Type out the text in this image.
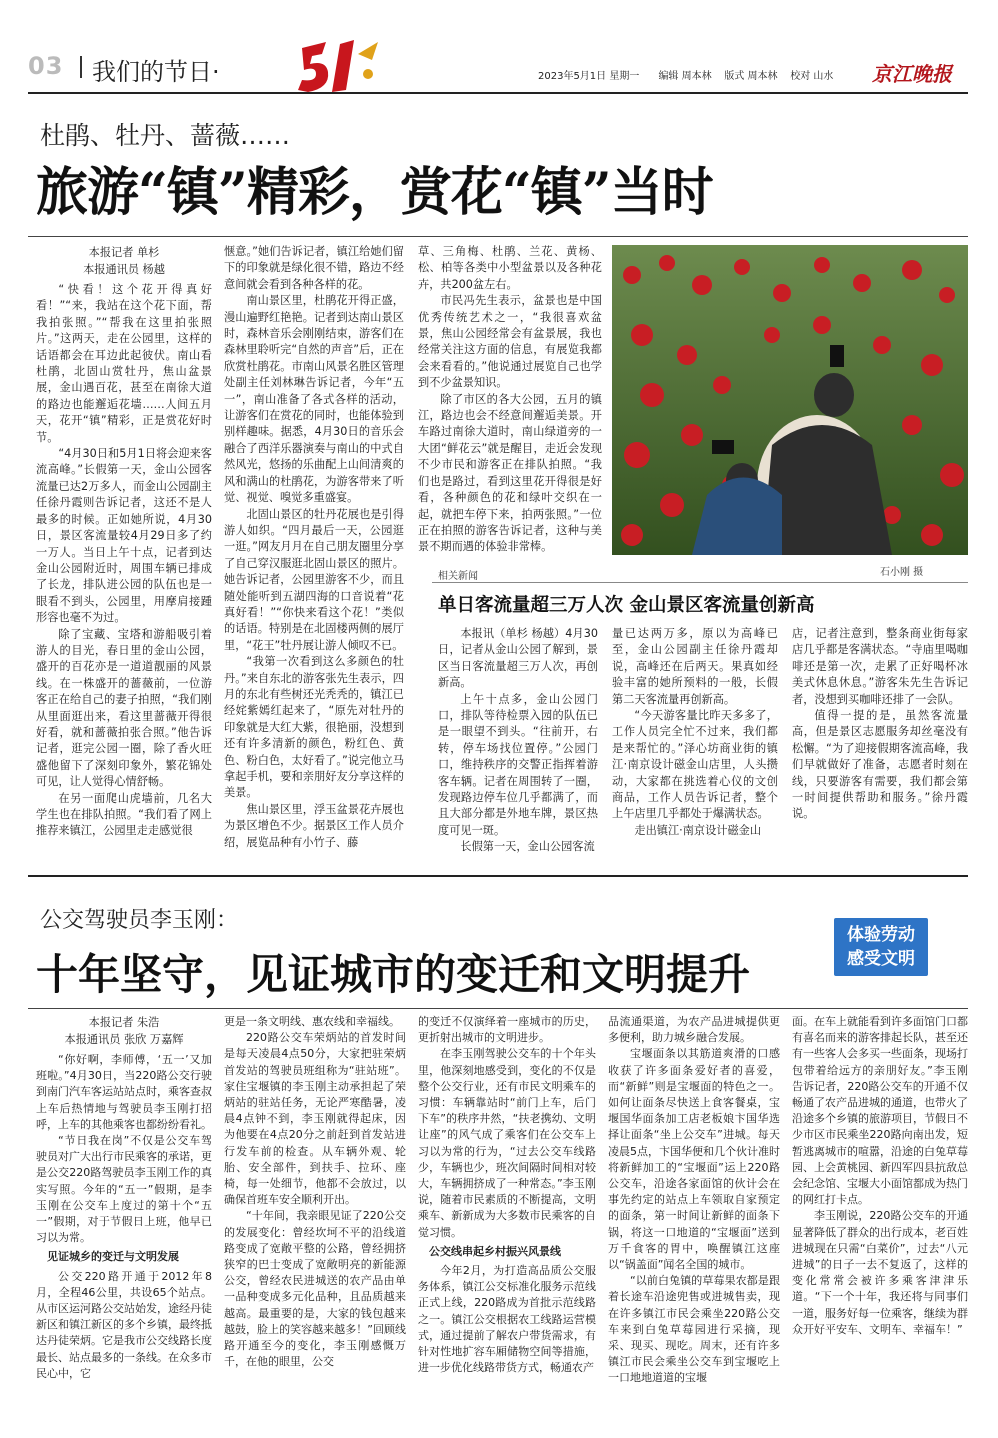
03 我们的节日·	2023年5月1日 星期一 编辑 周本林 版式 周本林 校对 山水 京江晚报
杜鹃、牡丹、蔷薇……
旅游“镇”精彩，赏花“镇”当时
本报记者 单杉
本报通讯员 杨越

“快看！这个花开得真好看！”“来，我站在这个花下面，帮我拍张照。”“帮我在这里拍张照片。”这两天，走在公园里，这样的话语都会在耳边此起彼伏。南山看杜鹃，北固山赏牡丹，焦山盆景展，金山遇百花，甚至在南徐大道的路边也能邂逅花墙……人间五月天，花开“镇”精彩，正是赏花好时节。

“4月30日和5月1日将会迎来客流高峰。”长假第一天，金山公园客流量已达2万多人，而金山公园副主任徐丹霞则告诉记者，这还不是人最多的时候。正如她所说，4月30日，景区客流量较4月29日多了约一万人。当日上午十点，记者到达金山公园附近时，周围车辆已排成了长龙，排队进公园的队伍也是一眼看不到头，公园里，用摩肩接踵形容也毫不为过。

除了宝藏、宝塔和游船吸引着游人的目光，春日里的金山公园，盛开的百花亦是一道道靓丽的风景线。在一株盛开的蔷薇前，一位游客正在给自己的妻子拍照，“我们刚从里面逛出来，看这里蔷薇开得很好看，就和蔷薇拍张合照。”他告诉记者，逛完公园一圈，除了香火旺盛他留下了深刻印象外，繁花锦处可见，让人觉得心情舒畅。

在另一面爬山虎墙前，几名大学生也在排队拍照。“我们看了网上推荐来镇江，公园里走走感觉很

惬意。”她们告诉记者，镇江给她们留下的印象就是绿化很不错，路边不经意间就会看到各种各样的花。

南山景区里，杜鹃花开得正盛，漫山遍野红艳艳。记者到达南山景区时，森林音乐会刚刚结束，游客们在森林里聆听完“自然的声音”后，正在欣赏杜鹃花。市南山风景名胜区管理处副主任刘林琳告诉记者，今年“五一”，南山准备了各式各样的活动，让游客们在赏花的同时，也能体验到别样趣味。据悉，4月30日的音乐会融合了西洋乐器演奏与南山的中式自然风光，悠扬的乐曲配上山间清爽的风和满山的杜鹃花，为游客带来了听觉、视觉、嗅觉多重盛宴。

北固山景区的牡丹花展也是引得游人如织。“四月最后一天，公园逛一逛。”网友月月在自己朋友圈里分享了自己穿汉服逛北固山景区的照片。她告诉记者，公园里游客不少，而且随处能听到五湖四海的口音说着“花真好看！”“你快来看这个花！”类似的话语。特别是在北固楼两侧的展厅里，“花王”牡丹展让游人倾叹不已。

“我第一次看到这么多颜色的牡丹。”来自东北的游客张先生表示，四月的东北有些树还光秃秃的，镇江已经姹紫嫣红起来了，“原先对牡丹的印象就是大红大紫，很艳丽，没想到还有许多清新的颜色，粉红色、黄色、粉白色，太好看了。”说完他立马拿起手机，要和亲朋好友分享这样的美景。

焦山景区里，浮玉盆景花卉展也为景区增色不少。据景区工作人员介绍，展览品种有小竹子、藤

草、三角梅、杜鹃、兰花、黄杨、松、柏等各类中小型盆景以及各种花卉，共200盆左右。

市民冯先生表示，盆景也是中国优秀传统艺术之一，“我很喜欢盆景，焦山公园经常会有盆景展，我也经常关注这方面的信息，有展览我都会来看看的。”他说通过展览自己也学到不少盆景知识。

除了市区的各大公园，五月的镇江，路边也会不经意间邂逅美景。开车路过南徐大道时，南山绿道旁的一大团“鲜花云”就是醒目，走近会发现不少市民和游客正在排队拍照。“我们也是路过，看到这里花开得很是好看，各种颜色的花和绿叶交织在一起，就把车停下来，拍两张照。”一位正在拍照的游客告诉记者，这种与美景不期而遇的体验非常棒。

石小刚 摄
相关新闻
单日客流量超三万人次 金山景区客流量创新高

本报讯（单杉 杨越）4月30日，记者从金山公园了解到，景区当日客流量超三万人次，再创新高。

上午十点多，金山公园门口，排队等待检票入园的队伍已是一眼望不到头。“往前开，右转，停车场找位置停。”公园门口，维持秩序的交警正指挥着游客车辆。记者在周围转了一圈，发现路边停车位几乎都满了，而且大部分都是外地车牌，景区热度可见一斑。

长假第一天，金山公园客流

量已达两万多，原以为高峰已至，金山公园副主任徐丹霞却说，高峰还在后两天。果真如经验丰富的她所预料的一般，长假第二天客流量再创新高。

“今天游客量比昨天多多了，工作人员完全忙不过来，我们都是来帮忙的。”泽心坊商业街的镇江·南京设计磁金山店里，人头攒动，大家都在挑选着心仪的文创商品，工作人员告诉记者，整个上午店里几乎都处于爆满状态。

走出镇江·南京设计磁金山

店，记者注意到，整条商业街每家店几乎都是客满状态。“寺庙里喝咖啡还是第一次，走累了正好喝杯冰美式休息休息。”游客朱先生告诉记者，没想到买咖啡还排了一会队。

值得一提的是，虽然客流量高，但是景区志愿服务却丝毫没有松懈。“为了迎接假期客流高峰，我们早就做好了准备，志愿者时刻在线，只要游客有需要，我们都会第一时间提供帮助和服务。”徐丹霞说。

公交驾驶员李玉刚：
十年坚守，见证城市的变迁和文明提升
体验劳动
感受文明
本报记者 朱浩
本报通讯员 张欣 万嘉辉

“你好啊，李师傅，‘五一’又加班啦。”4月30日，当220路公交行驶到南门汽车客运站站点时，乘客查叔上车后热情地与驾驶员李玉刚打招呼，上车的其他乘客也都纷纷看礼。

“节日我在岗”不仅是公交车驾驶员对广大出行市民乘客的承诺，更是公交220路驾驶员李玉刚工作的真实写照。今年的“五一”假期，是李玉刚在公交车上度过的第十个“五一”假期，对于节假日上班，他早已习以为常。

见证城乡的变迁与文明发展

公交220路开通于2012年8月，全程46公里，共设65个站点。从市区运河路公交站始发，途经丹徒新区和镇江新区的多个乡镇，最终抵达丹徒荣炳。它是我市公交线路长度最长、站点最多的一条线。在众多市民心中，它

更是一条文明线、惠农线和幸福线。

220路公交车荣炳站的首发时间是每天凌晨4点50分，大家把驻荣炳首发站的驾驶员班组称为“驻站班”。家住宝堰镇的李玉刚主动承担起了荣炳站的驻站任务，无论严寒酷暑，凌晨4点钟不到，李玉刚就得起床，因为他要在4点20分之前赶到首发站进行发车前的检查。从车辆外观、轮胎、安全部件，到扶手、拉环、座椅，每一处细节，他都不会放过，以确保首班车安全顺利开出。

“十年间，我亲眼见证了220公交的发展变化：曾经坎坷不平的沿线道路变成了宽敞平整的公路，曾经拥挤狭窄的巴士变成了宽敞明亮的新能源公交，曾经农民进城送的农产品由单一品种变成多元化品种，且品质越来越高。最重要的是，大家的钱包越来越鼓，脸上的笑容越来越多！”回顾线路开通至今的变化，李玉刚感慨万千，在他的眼里，公交

的变迁不仅演绎着一座城市的历史，更折射出城市的文明进步。

在李玉刚驾驶公交车的十个年头里，他深刻地感受到，变化的不仅是整个公交行业，还有市民文明乘车的习惯：车辆靠站时“前门上车，后门下车”的秩序井然，“扶老携幼、文明让座”的风气成了乘客们在公交车上习以为常的行为，“过去公交车线路少，车辆也少，班次间隔时间相对较大，车辆拥挤成了一种常态。”李玉刚说，随着市民素质的不断提高，文明乘车、新新成为大多数市民乘客的自觉习惯。

公交线串起乡村振兴风景线

今年2月，为打造高品质公交服务体系，镇江公交标准化服务示范线正式上线，220路成为首批示范线路之一。镇江公交根据农工线路运营模式，通过提前了解农户带货需求，有针对性地扩容车厢储物空间等措施，进一步优化线路带货方式，畅通农产

品流通渠道，为农产品进城提供更多便利，助力城乡融合发展。

宝堰面条以其筋道爽滑的口感收获了许多面条爱好者的喜爱，而“新鲜”则是宝堰面的特色之一。如何让面条尽快送上食客餐桌，宝堰国华面条加工店老板娘卞国华选择让面条“坐上公交车”进城。每天凌晨5点，卞国华便和几个伙计准时将新鲜加工的“宝堰面”运上220路公交车，沿途各家面馆的伙计会在事先约定的站点上车领取自家预定的面条，第一时间让新鲜的面条下锅，将这一口地道的“宝堰面”送到万千食客的胃中，唤醒镇江这座以“锅盖面”闻名全国的城市。

“以前白兔镇的草莓果农都是跟着长途车沿途兜售或进城售卖，现在许多镇江市民会乘坐220路公交车来到白兔草莓园进行采摘，现采、现买、现吃。周末，还有许多镇江市民会乘坐公交车到宝堰吃上一口地地道道的宝堰

面。在车上就能看到许多面馆门口都有喜名而来的游客排起长队，甚至还有一些客人会多买一些面条，现场打包带着给远方的亲朋好友。”李玉刚告诉记者，220路公交车的开通不仅畅通了农产品进城的通道，也带火了沿途多个乡镇的旅游项目，节假日不少市区市民乘坐220路向南出发，短暂逃离城市的喧嚣，沿途的白兔草莓园、上会黄桃园、新四军四县抗敌总会纪念馆、宝堰大小面馆都成为热门的网红打卡点。

李玉刚说，220路公交车的开通显著降低了群众的出行成本，老百姓进城现在只需“白菜价”，过去“八元进城”的日子一去不复返了，这样的变化常常会被许多乘客津津乐道。“下一个十年，我还将与同事们一道，服务好每一位乘客，继续为群众开好平安车、文明车、幸福车！”
